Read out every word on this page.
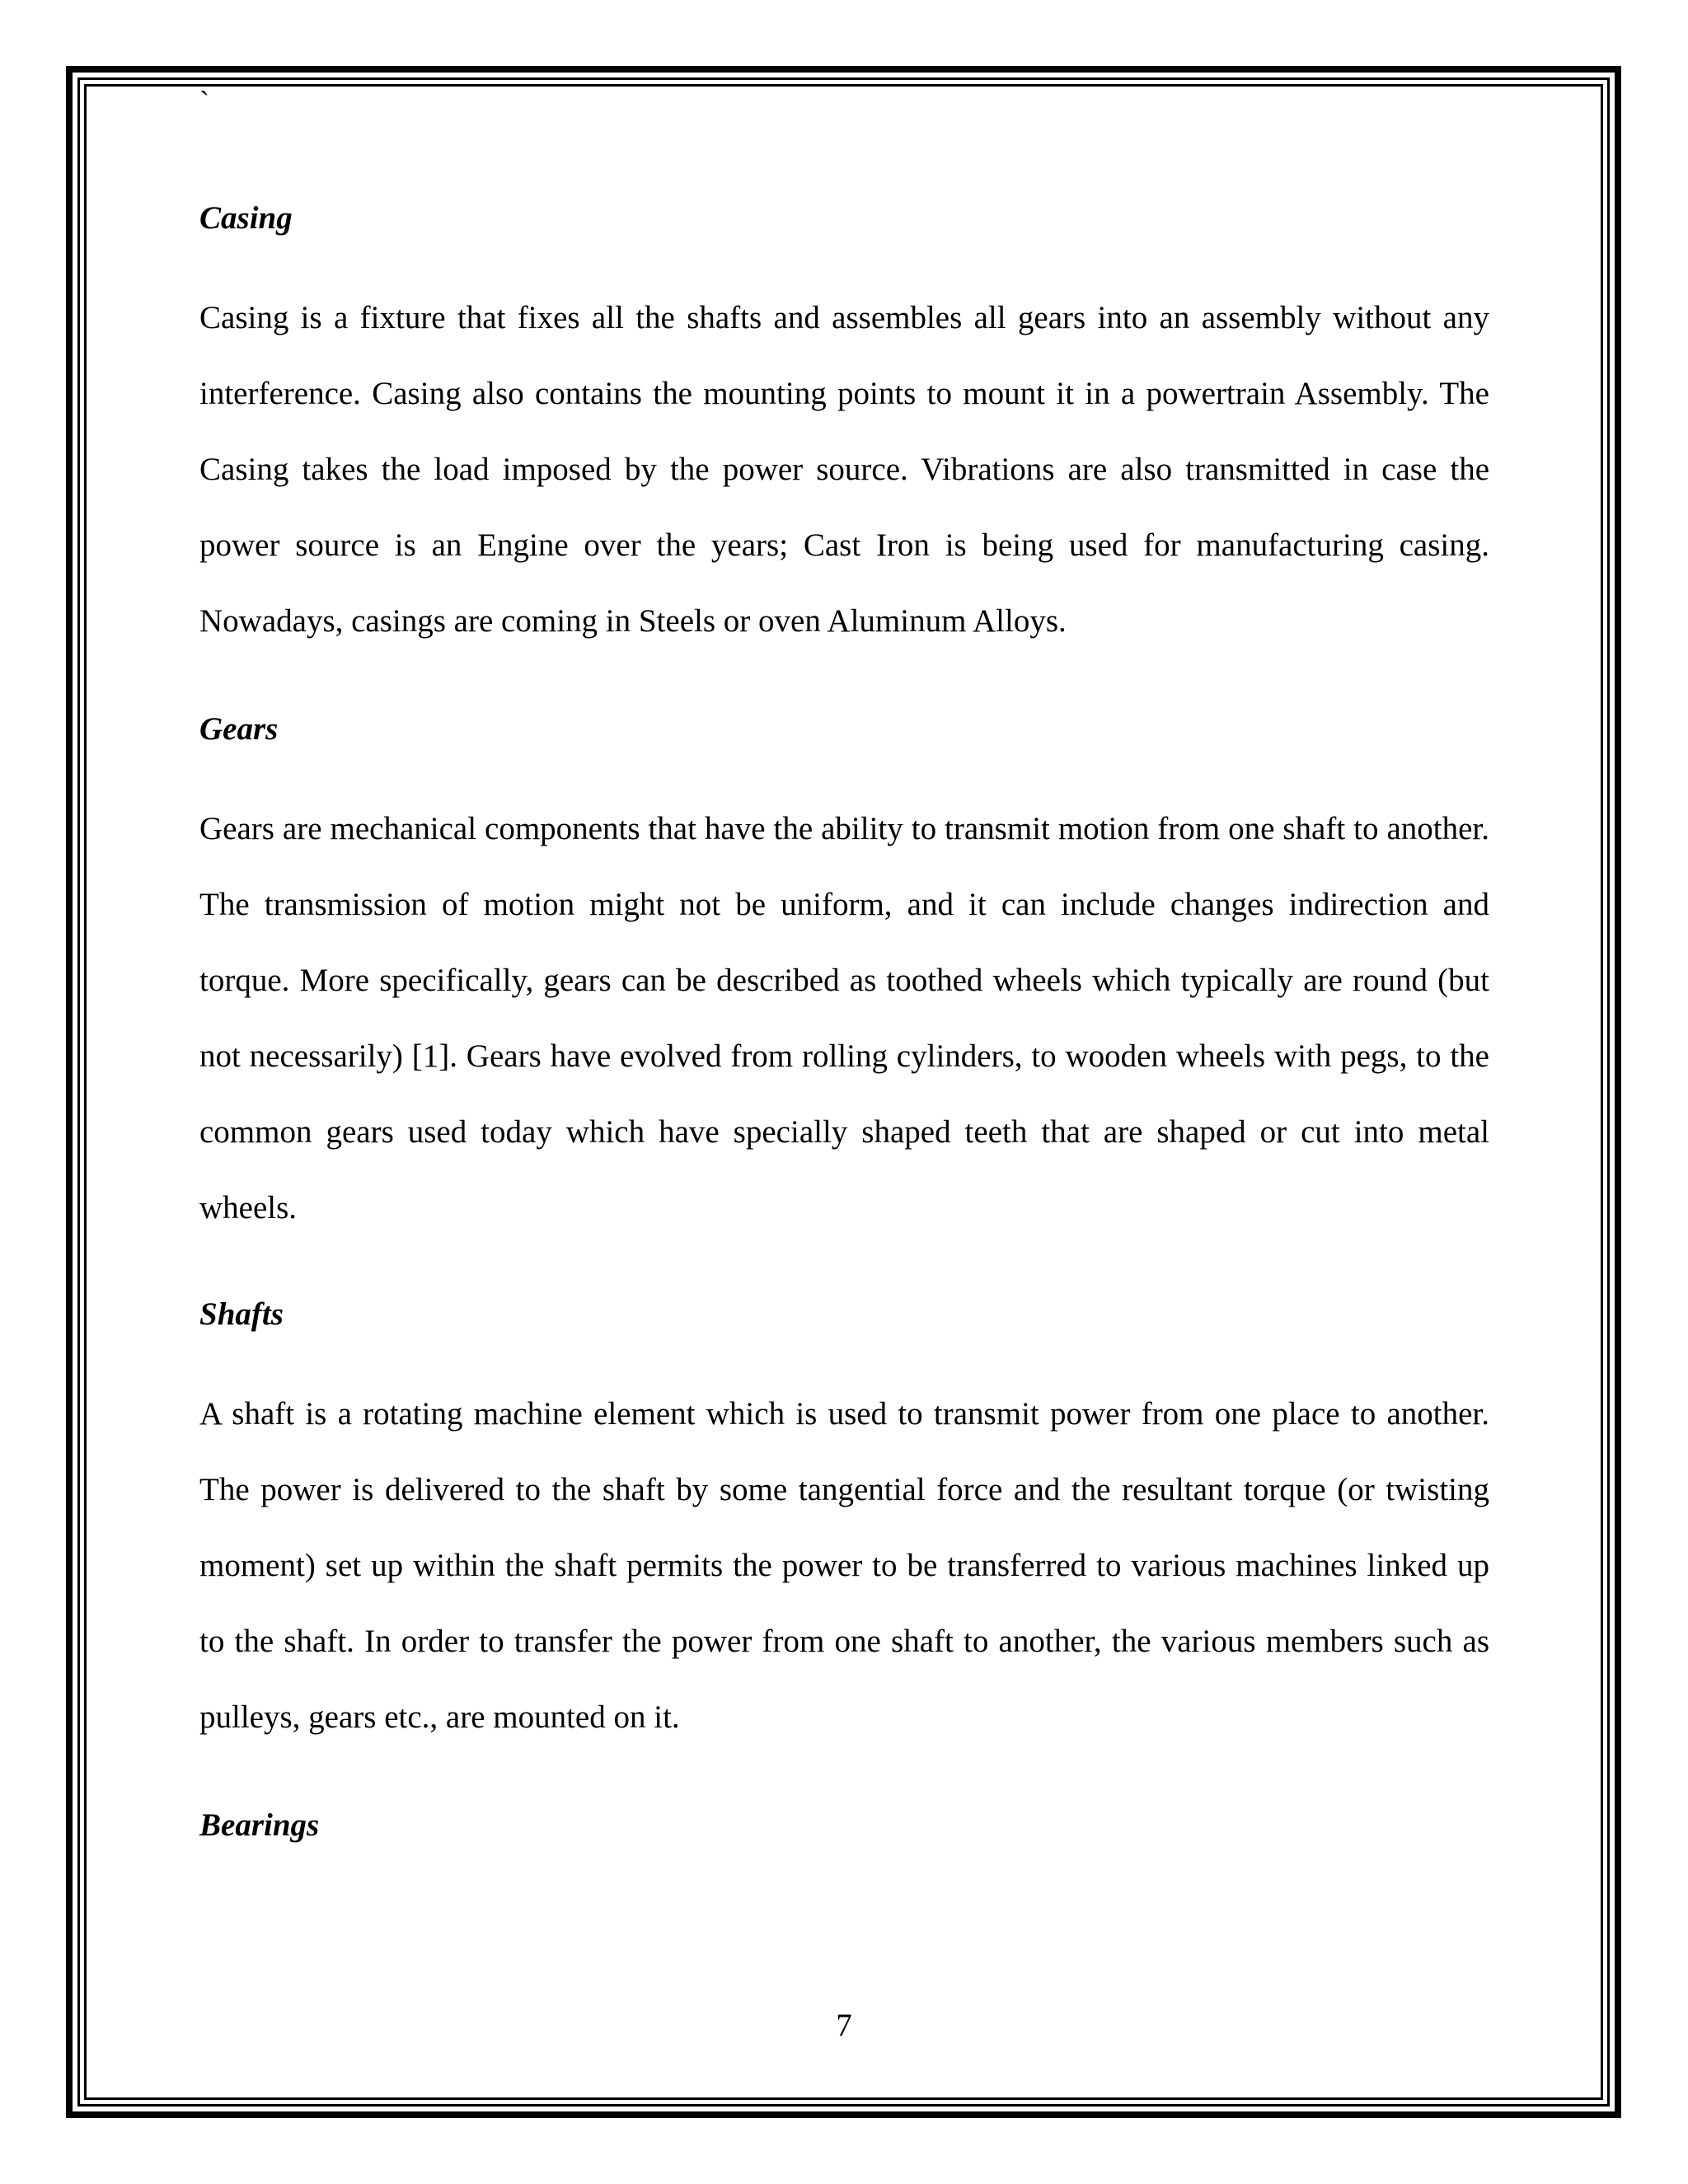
`
Casing

Casing is a fixture that fixes all the shafts and assembles all gears into an assembly without any interference. Casing also contains the mounting points to mount it in a powertrain Assembly. The Casing takes the load imposed by the power source. Vibrations are also transmitted in case the power source is an Engine over the years; Cast Iron is being used for manufacturing casing. Nowadays, casings are coming in Steels or oven Aluminum Alloys.

Gears

Gears are mechanical components that have the ability to transmit motion from one shaft to another. The transmission of motion might not be uniform, and it can include changes indirection and torque. More specifically, gears can be described as toothed wheels which typically are round (but not necessarily) [1]. Gears have evolved from rolling cylinders, to wooden wheels with pegs, to the common gears used today which have specially shaped teeth that are shaped or cut into metal wheels.

Shafts

A shaft is a rotating machine element which is used to transmit power from one place to another. The power is delivered to the shaft by some tangential force and the resultant torque (or twisting moment) set up within the shaft permits the power to be transferred to various machines linked up to the shaft. In order to transfer the power from one shaft to another, the various members such as pulleys, gears etc., are mounted on it.

Bearings
7
